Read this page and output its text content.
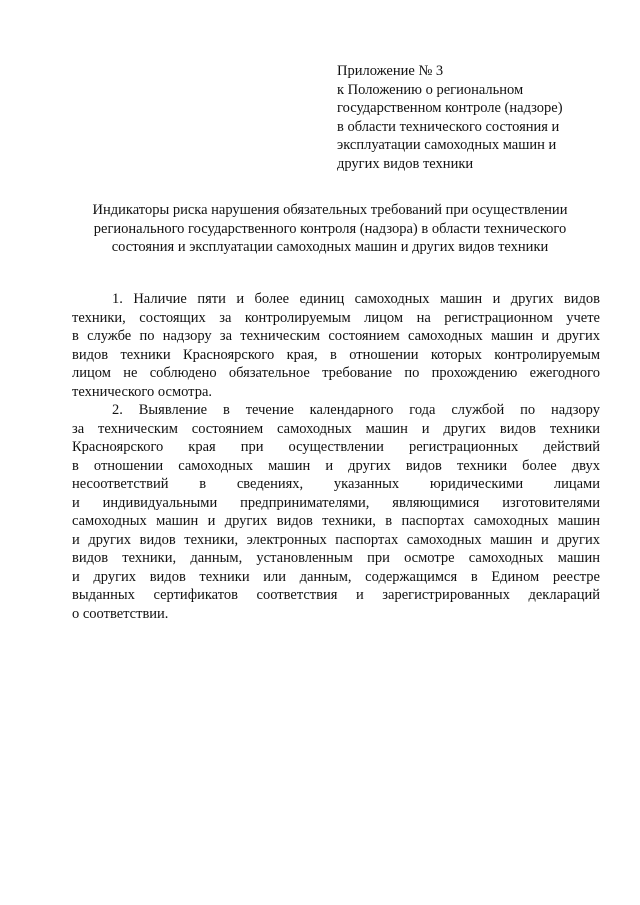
Приложение № 3
к Положению о региональном
государственном контроле (надзоре)
в области технического состояния и
эксплуатации самоходных машин и
других видов техники
Индикаторы риска нарушения обязательных требований при осуществлении
регионального государственного контроля (надзора) в области технического
состояния и эксплуатации самоходных машин и других видов техники
1. Наличие пяти и более единиц самоходных машин и других видов
техники, состоящих за контролируемым лицом на регистрационном учете
в службе по надзору за техническим состоянием самоходных машин и других
видов техники Красноярского края, в отношении которых контролируемым
лицом не соблюдено обязательное требование по прохождению ежегодного
технического осмотра.
2. Выявление в течение календарного года службой по надзору
за техническим состоянием самоходных машин и других видов техники
Красноярского края при осуществлении регистрационных действий
в отношении самоходных машин и других видов техники более двух
несоответствий в сведениях, указанных юридическими лицами
и индивидуальными предпринимателями, являющимися изготовителями
самоходных машин и других видов техники, в паспортах самоходных машин
и других видов техники, электронных паспортах самоходных машин и других
видов техники, данным, установленным при осмотре самоходных машин
и других видов техники или данным, содержащимся в Едином реестре
выданных сертификатов соответствия и зарегистрированных деклараций
о соответствии.
